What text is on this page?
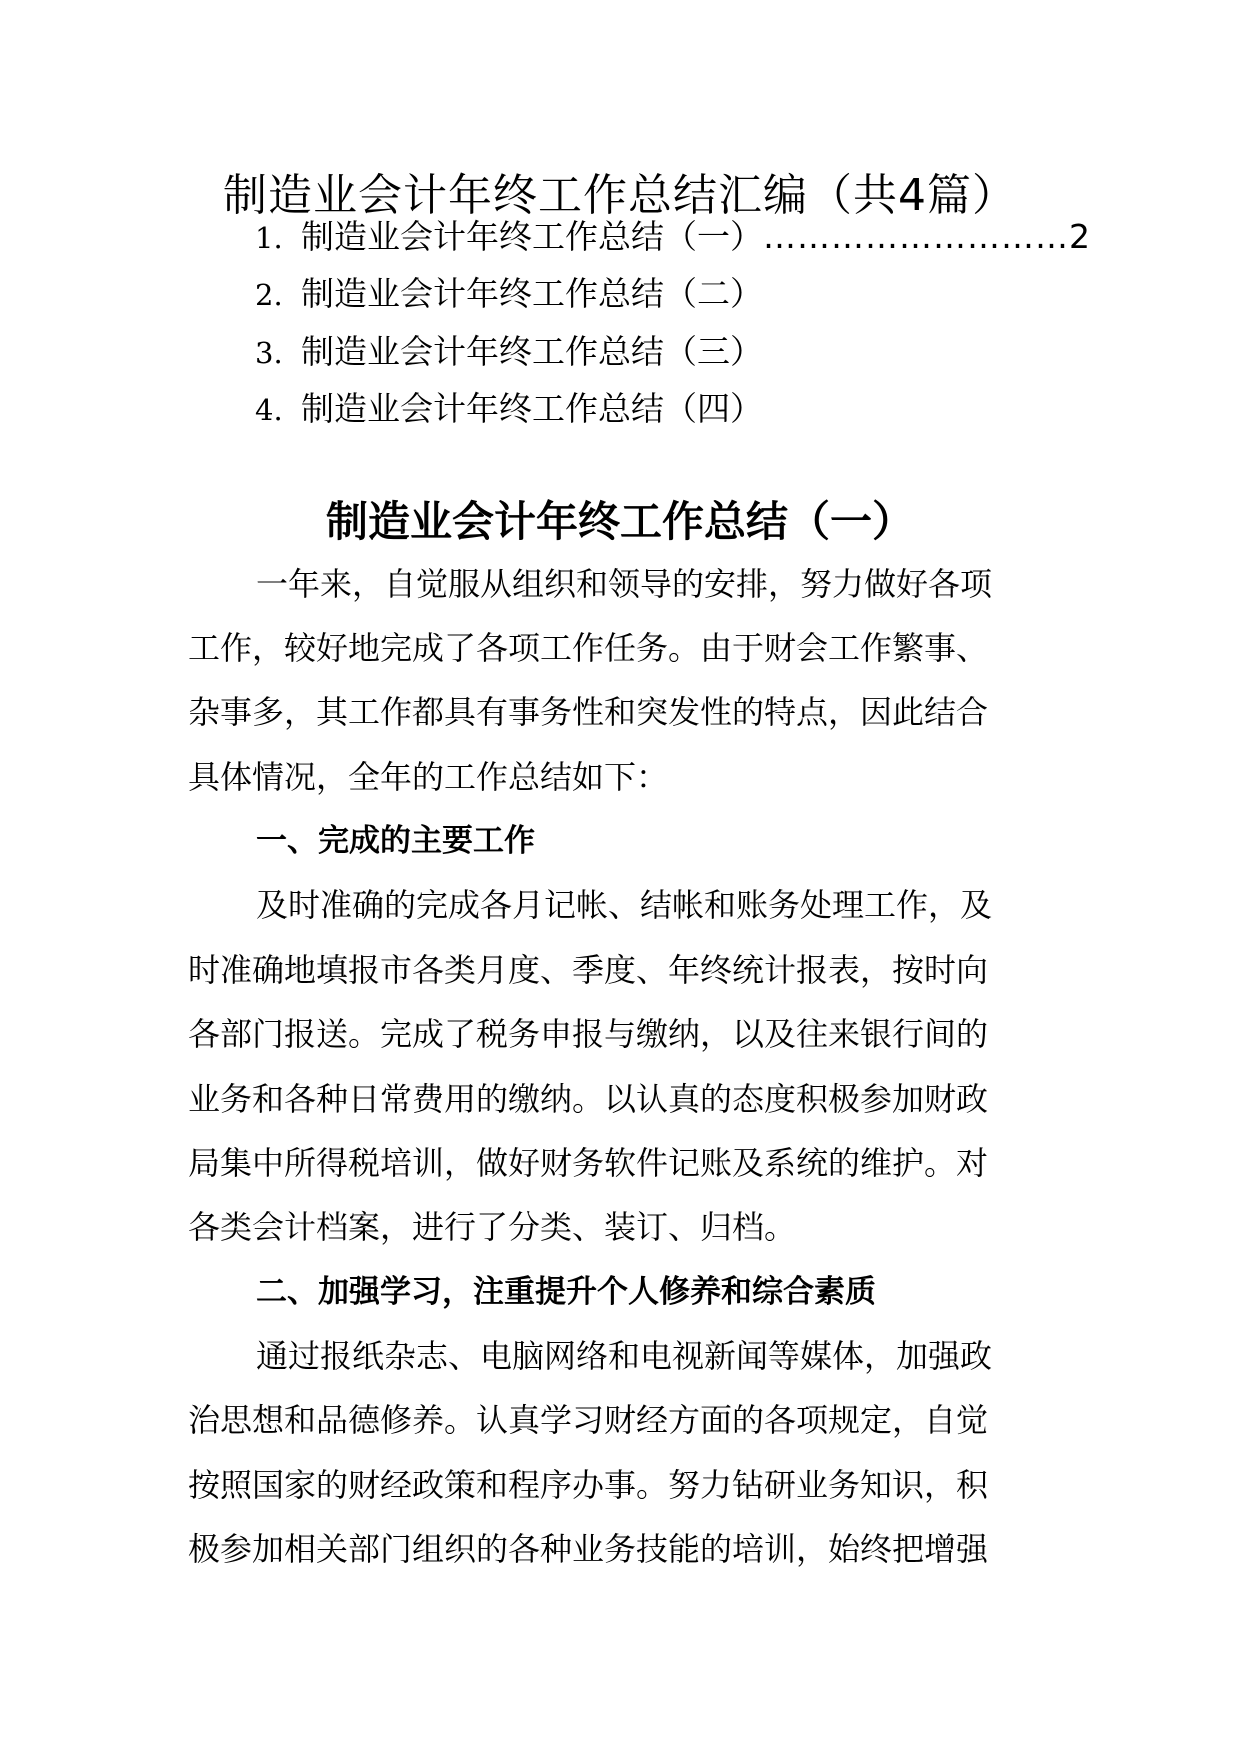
制造业会计年终工作总结汇编（共4篇）
1. 制造业会计年终工作总结（一）………………………2
2. 制造业会计年终工作总结（二）
3. 制造业会计年终工作总结（三）
4. 制造业会计年终工作总结（四）
制造业会计年终工作总结（一）
一年来，自觉服从组织和领导的安排，努力做好各项
工作，较好地完成了各项工作任务。由于财会工作繁事、
杂事多，其工作都具有事务性和突发性的特点，因此结合
具体情况，全年的工作总结如下：
一、完成的主要工作
及时准确的完成各月记帐、结帐和账务处理工作，及
时准确地填报市各类月度、季度、年终统计报表，按时向
各部门报送。完成了税务申报与缴纳，以及往来银行间的
业务和各种日常费用的缴纳。以认真的态度积极参加财政
局集中所得税培训，做好财务软件记账及系统的维护。对
各类会计档案，进行了分类、装订、归档。
二、加强学习，注重提升个人修养和综合素质
通过报纸杂志、电脑网络和电视新闻等媒体，加强政
治思想和品德修养。认真学习财经方面的各项规定，自觉
按照国家的财经政策和程序办事。努力钻研业务知识，积
极参加相关部门组织的各种业务技能的培训，始终把增强
